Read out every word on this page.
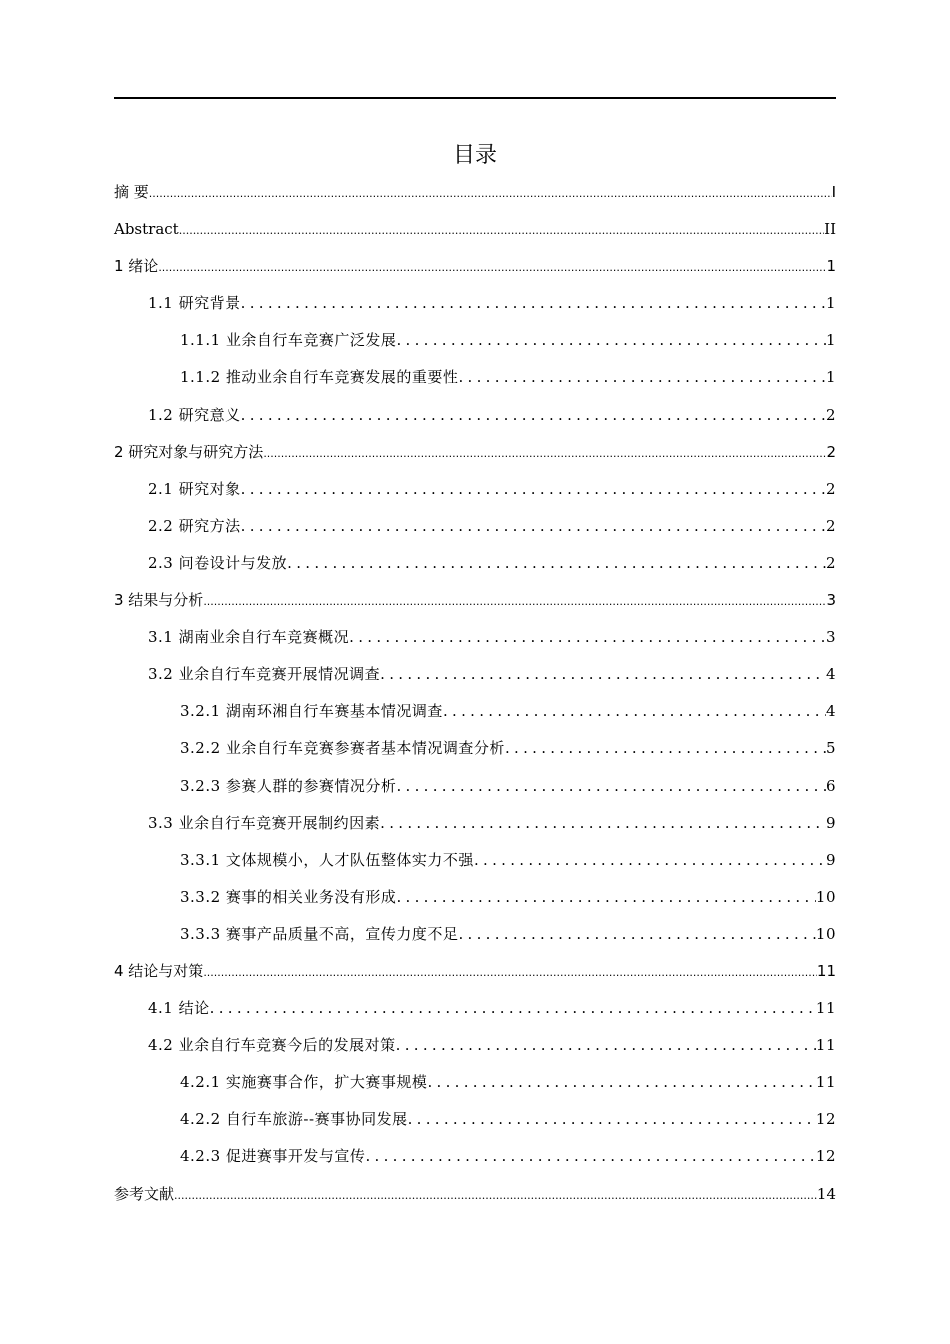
目录
摘 要 .....	I
Abstract .....	II
1 绪论 .....	1
1.1 研究背景 .....	1
1.1.1 业余自行车竞赛广泛发展 .....	1
1.1.2 推动业余自行车竞赛发展的重要性 .....	1
1.2 研究意义 .....	2
2 研究对象与研究方法 .....	2
2.1 研究对象 .....	2
2.2 研究方法 .....	2
2.3 问卷设计与发放 .....	2
3 结果与分析 .....	3
3.1 湖南业余自行车竞赛概况 .....	3
3.2 业余自行车竞赛开展情况调查 .....	4
3.2.1 湖南环湘自行车赛基本情况调查 .....	4
3.2.2 业余自行车竞赛参赛者基本情况调查分析 .....	5
3.2.3 参赛人群的参赛情况分析 .....	6
3.3 业余自行车竞赛开展制约因素 .....	9
3.3.1 文体规模小，人才队伍整体实力不强 .....	9
3.3.2 赛事的相关业务没有形成 .....	10
3.3.3 赛事产品质量不高，宣传力度不足 .....	10
4 结论与对策 .....	11
4.1 结论 .....	11
4.2 业余自行车竞赛今后的发展对策 .....	11
4.2.1 实施赛事合作，扩大赛事规模 .....	11
4.2.2 自行车旅游--赛事协同发展 .....	12
4.2.3 促进赛事开发与宣传 .....	12
参考文献 .....	14
